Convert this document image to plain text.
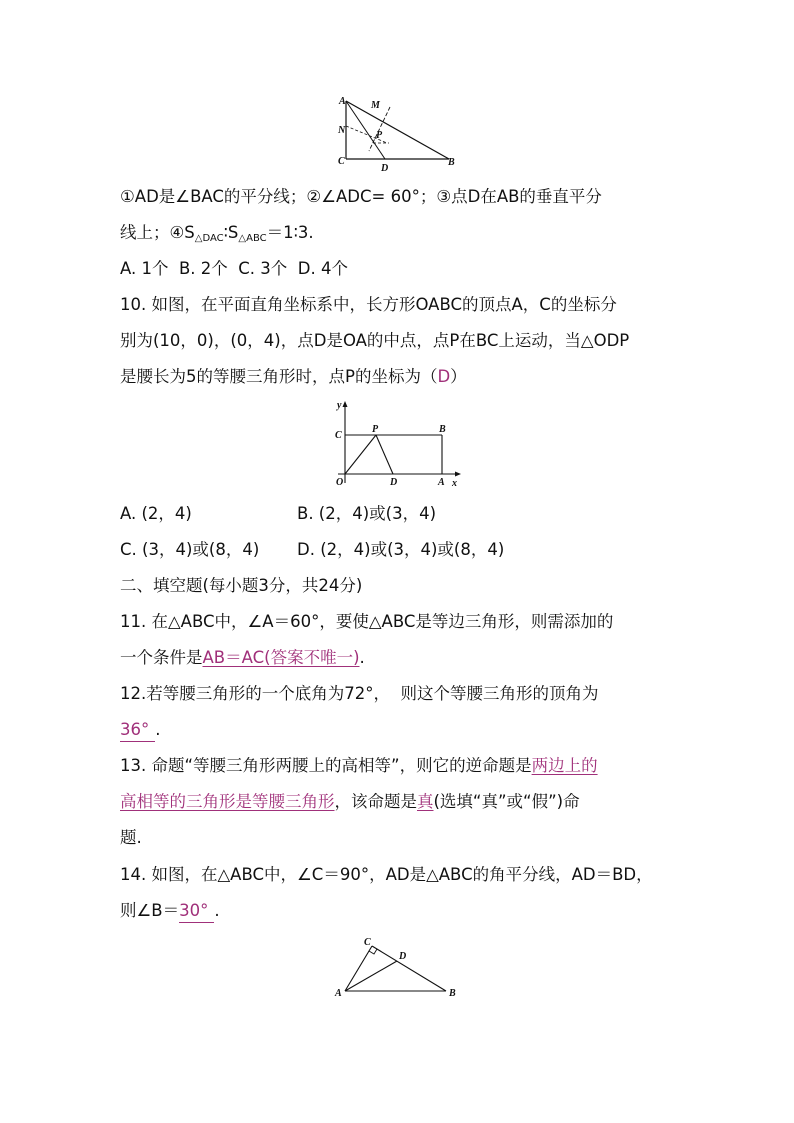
A	M
N	P
C
D
B
①AD是∠BAC的平分线；②∠ADC= 60°；③点D在AB的垂直平分
线上；$④S_{\triangle DAC}∶S_{\triangle ABC}=1∶3$.
A. 1个  B. 2个  C. 3个  D. 4个
10. 如图，在平面直角坐标系中，长方形OABC的顶点A，C的坐标分
别为(10，0)，(0，4)，点D是OA的中点，点P在BC上运动，当△ODP
是腰长为5的等腰三角形时，点P的坐标为（D）
y
x
C
P	B
O	D	A
A. (2，4)	B. (2，4)或(3，4)
C. (3，4)或(8，4) D. (2，4)或(3，4)或(8，4)
二、填空题(每小题3分，共24分)
11. 在△ABC中，∠A＝60°，要使△ABC是等边三角形，则需添加的
一个条件是AB＝AC(答案不唯一).
12.若等腰三角形的一个底角为72°，  则这个等腰三角形的顶角为
36° .
13. 命题“等腰三角形两腰上的高相等”，则它的逆命题是两边上的
高相等的三角形是等腰三角形，该命题是真(选填“真”或“假”)命
题.
14. 如图，在△ABC中，∠C＝90°，AD是△ABC的角平分线，AD＝BD，
则∠B＝30° .
C
D
A	B
